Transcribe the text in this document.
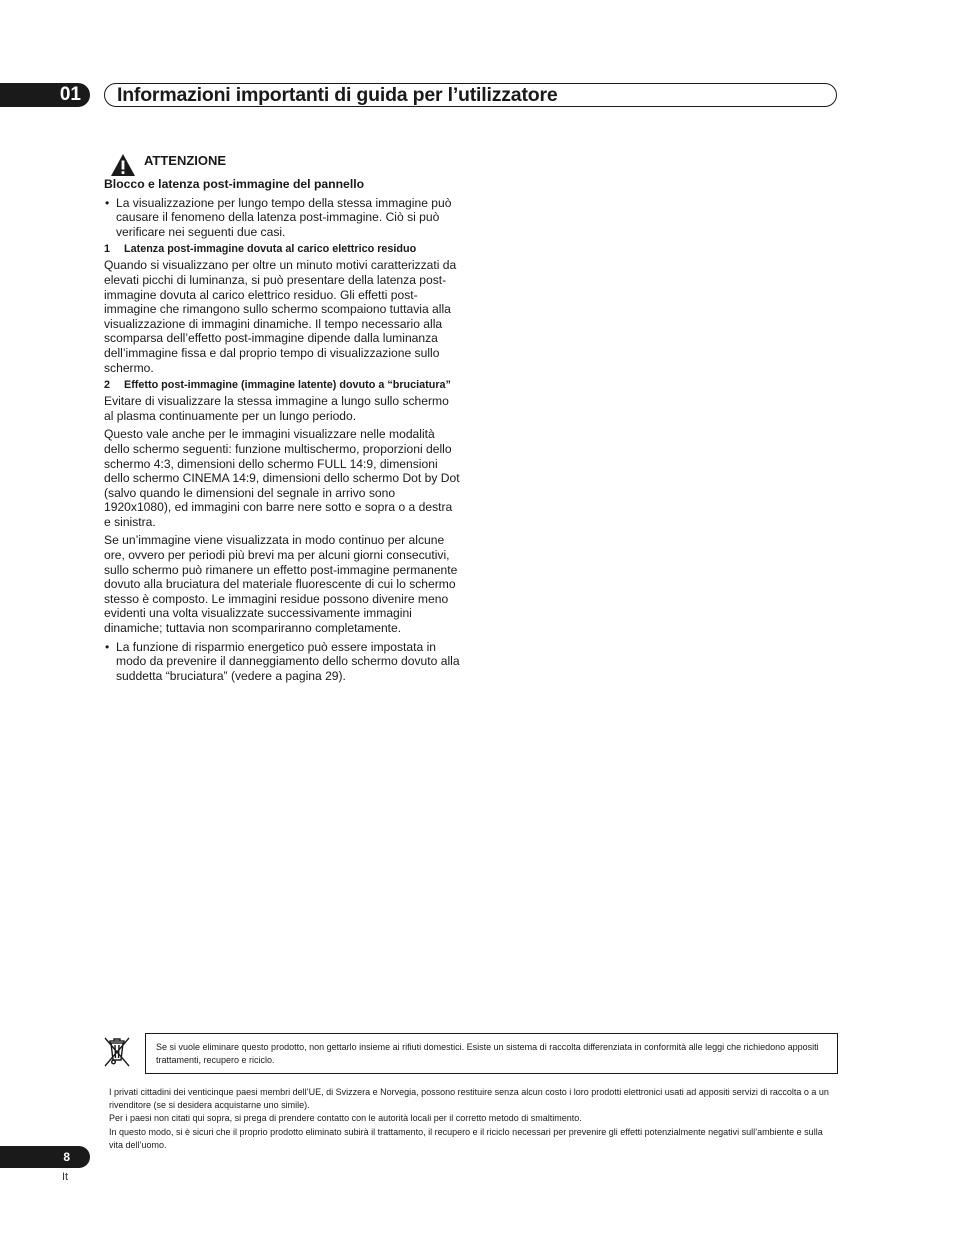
01	Informazioni importanti di guida per l’utilizzatore
ATTENZIONE
Blocco e latenza post-immagine del pannello
• La visualizzazione per lungo tempo della stessa immagine può causare il fenomeno della latenza post-immagine. Ciò si può verificare nei seguenti due casi.
1 Latenza post-immagine dovuta al carico elettrico residuo
Quando si visualizzano per oltre un minuto motivi caratterizzati da elevati picchi di luminanza, si può presentare della latenza post-immagine dovuta al carico elettrico residuo. Gli effetti post-immagine che rimangono sullo schermo scompaiono tuttavia alla visualizzazione di immagini dinamiche. Il tempo necessario alla scomparsa dell’effetto post-immagine dipende dalla luminanza dell’immagine fissa e dal proprio tempo di visualizzazione sullo schermo.
2 Effetto post-immagine (immagine latente) dovuto a “bruciatura”
Evitare di visualizzare la stessa immagine a lungo sullo schermo al plasma continuamente per un lungo periodo.
Questo vale anche per le immagini visualizzare nelle modalità dello schermo seguenti: funzione multischermo, proporzioni dello schermo 4:3, dimensioni dello schermo FULL 14:9, dimensioni dello schermo CINEMA 14:9, dimensioni dello schermo Dot by Dot (salvo quando le dimensioni del segnale in arrivo sono 1920x1080), ed immagini con barre nere sotto e sopra o a destra e sinistra.
Se un’immagine viene visualizzata in modo continuo per alcune ore, ovvero per periodi più brevi ma per alcuni giorni consecutivi, sullo schermo può rimanere un effetto post-immagine permanente dovuto alla bruciatura del materiale fluorescente di cui lo schermo stesso è composto. Le immagini residue possono divenire meno evidenti una volta visualizzate successivamente immagini dinamiche; tuttavia non scompariranno completamente.
• La funzione di risparmio energetico può essere impostata in modo da prevenire il danneggiamento dello schermo dovuto alla suddetta “bruciatura” (vedere a pagina 29).
Se si vuole eliminare questo prodotto, non gettarlo insieme ai rifiuti domestici. Esiste un sistema di raccolta differenziata in conformità alle leggi che richiedono appositi trattamenti, recupero e riciclo.

I privati cittadini dei venticinque paesi membri dell’UE, di Svizzera e Norvegia, possono restituire senza alcun costo i loro prodotti elettronici usati ad appositi servizi di raccolta o a un rivenditore (se si desidera acquistarne uno simile).

Per i paesi non citati qui sopra, si prega di prendere contatto con le autorità locali per il corretto metodo di smaltimento.

In questo modo, si è sicuri che il proprio prodotto eliminato subirà il trattamento, il recupero e il riciclo necessari per prevenire gli effetti potenzialmente negativi sull’ambiente e sulla vita dell’uomo.

8
It
